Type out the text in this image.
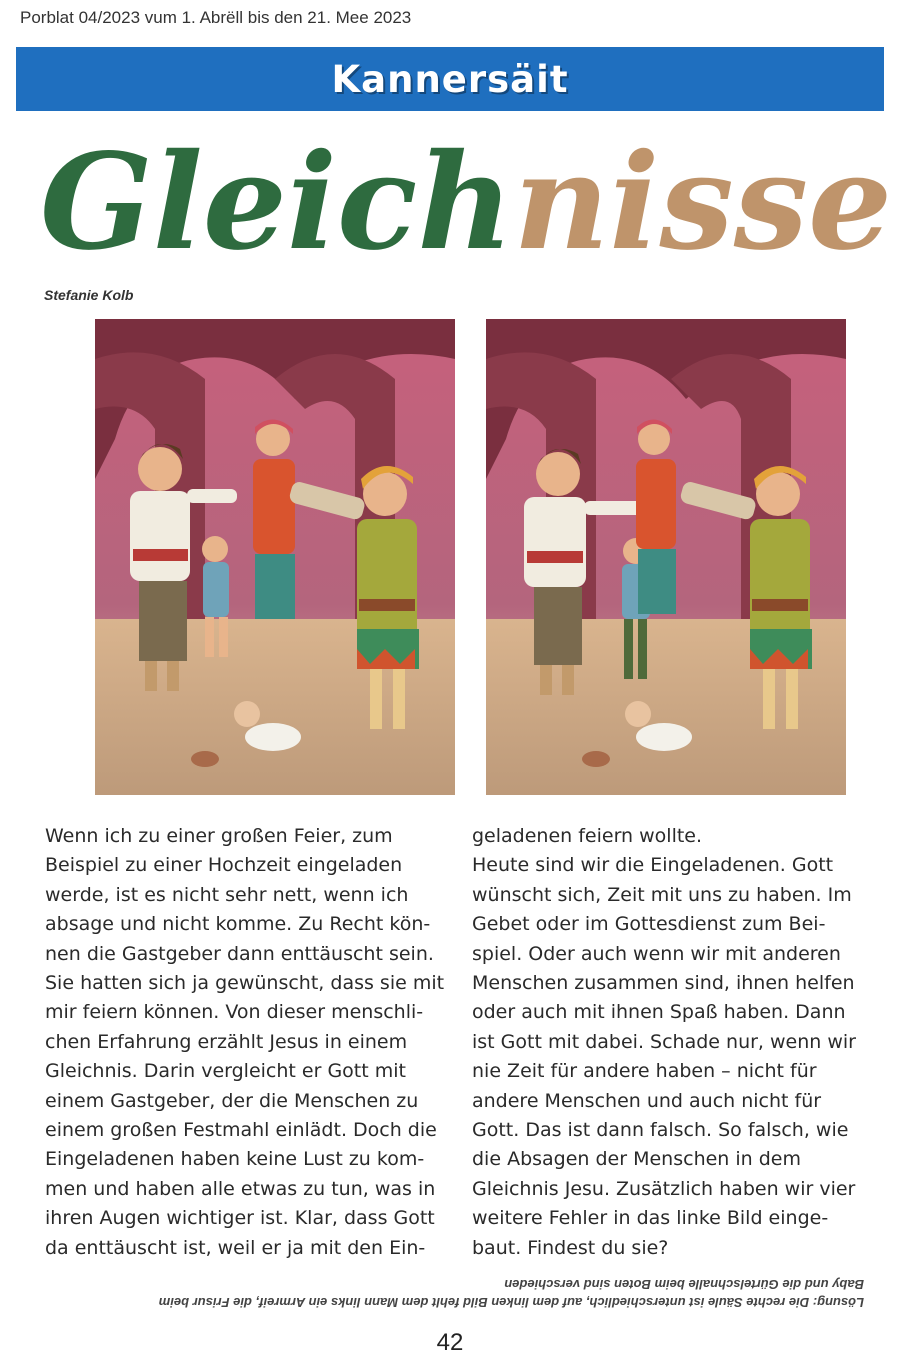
Porblat 04/2023 vum 1. Abrëll bis den 21. Mee 2023
Kannersäit
Gleichnisse
Stefanie Kolb
Wenn ich zu einer großen Feier, zum
Beispiel zu einer Hochzeit eingeladen
werde, ist es nicht sehr nett, wenn ich
absage und nicht komme. Zu Recht kön-
nen die Gastgeber dann enttäuscht sein.
Sie hatten sich ja gewünscht, dass sie mit
mir feiern können. Von dieser menschli-
chen Erfahrung erzählt Jesus in einem
Gleichnis. Darin vergleicht er Gott mit
einem Gastgeber, der die Menschen zu
einem großen Festmahl einlädt. Doch die
Eingeladenen haben keine Lust zu kom-
men und haben alle etwas zu tun, was in
ihren Augen wichtiger ist. Klar, dass Gott
da enttäuscht ist, weil er ja mit den Ein-
geladenen feiern wollte.
Heute sind wir die Eingeladenen. Gott
wünscht sich, Zeit mit uns zu haben. Im
Gebet oder im Gottesdienst zum Bei-
spiel. Oder auch wenn wir mit anderen
Menschen zusammen sind, ihnen helfen
oder auch mit ihnen Spaß haben. Dann
ist Gott mit dabei. Schade nur, wenn wir
nie Zeit für andere haben – nicht für
andere Menschen und auch nicht für
Gott. Das ist dann falsch. So falsch, wie
die Absagen der Menschen in dem
Gleichnis Jesu. Zusätzlich haben wir vier
weitere Fehler in das linke Bild einge-
baut. Findest du sie?
Lösung: Die rechte Säule ist unterschiedlich, auf dem linken Bild fehlt dem Mann links ein Armreif, die Frisur beim
Baby und die Gürtelschnalle beim Boten sind verschieden
42
